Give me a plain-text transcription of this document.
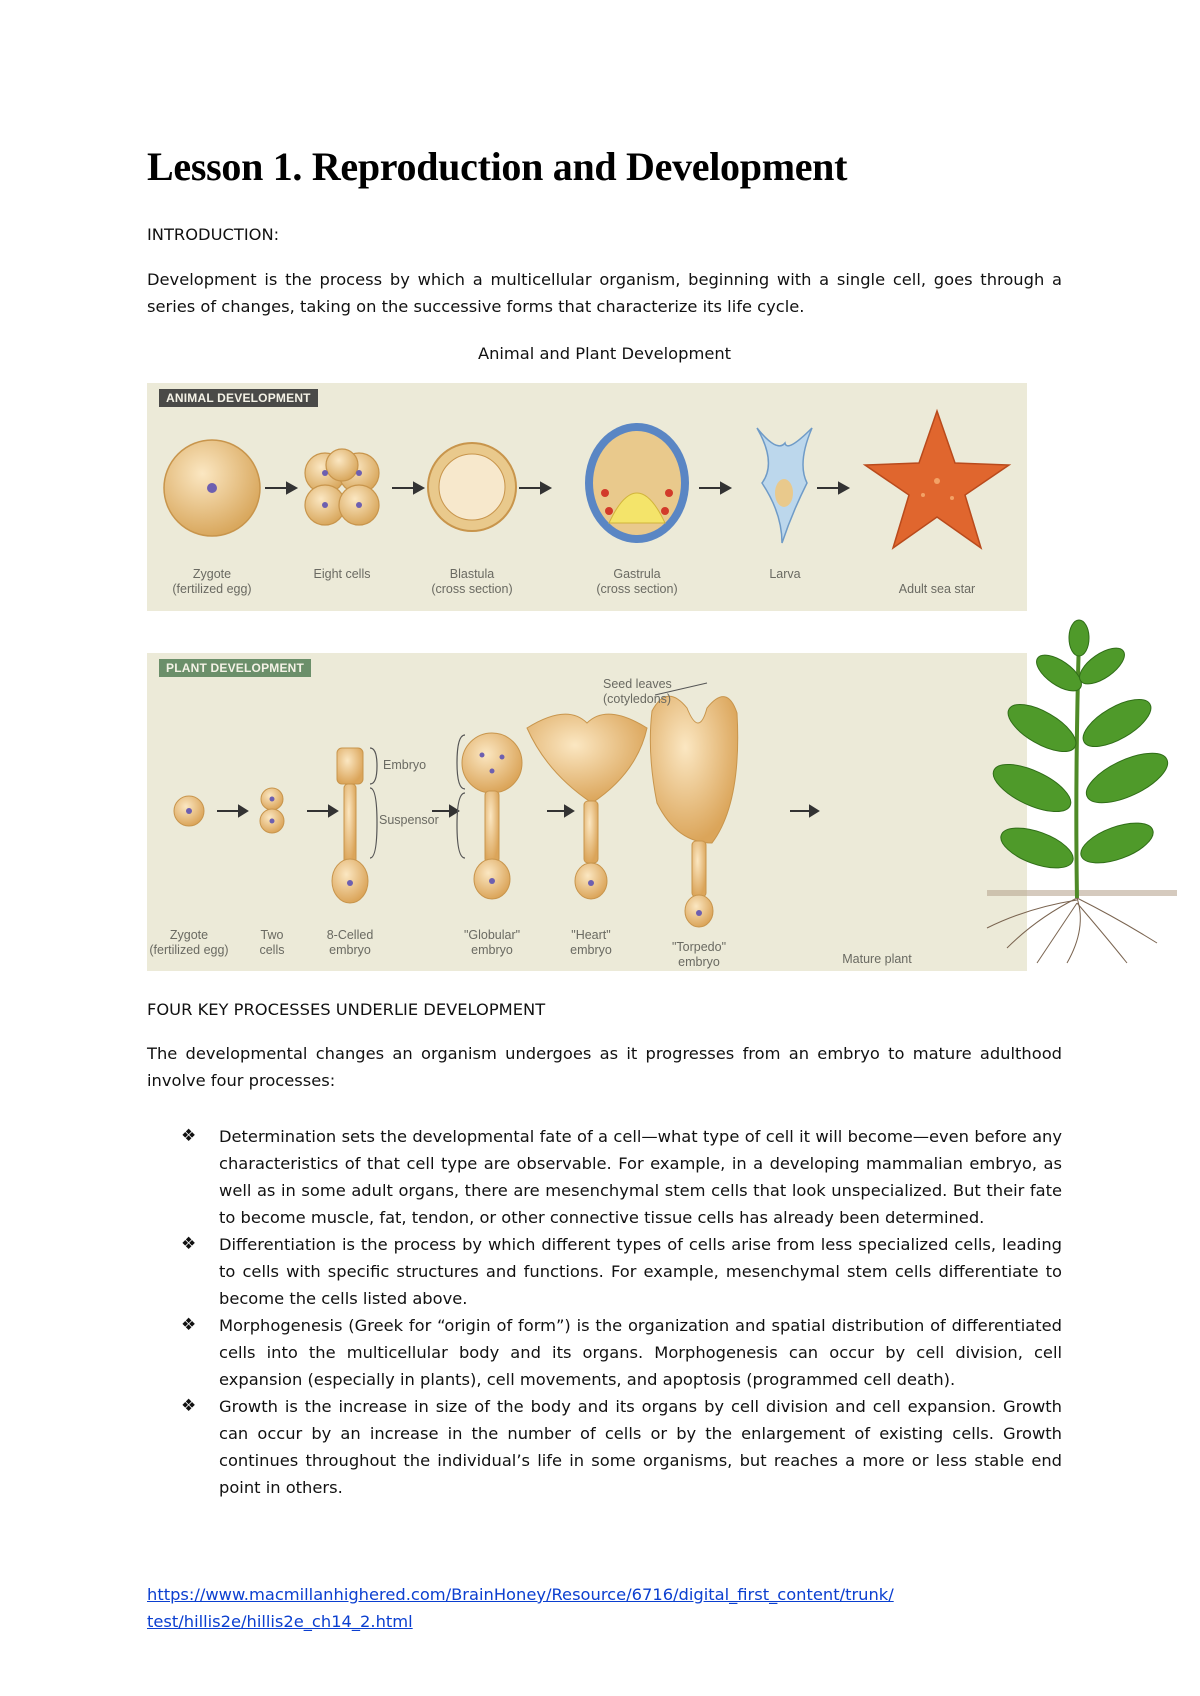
Lesson 1. Reproduction and Development
INTRODUCTION:
Development is the process by which a multicellular organism, beginning with a single cell, goes through a series of changes, taking on the successive forms that characterize its life cycle.
Animal and Plant Development
ANIMAL DEVELOPMENT
PLANT DEVELOPMENT
Seed leaves
(cotyledons)
Embryo
Suspensor
Zygote
(fertilized egg)
Eight cells	Blastula
(cross section)
Gastrula
(cross section)
Larva
Adult sea star
Zygote
(fertilized egg)
Two
cells
8-Celled
embryo
"Globular"
embryo
"Heart"
embryo	"Torpedo"
embryo	Mature plant
FOUR KEY PROCESSES UNDERLIE DEVELOPMENT
The developmental changes an organism undergoes as it progresses from an embryo to mature adulthood involve four processes:
❖ Determination sets the developmental fate of a cell—what type of cell it will become—even before any characteristics of that cell type are observable. For example, in a developing mammalian embryo, as well as in some adult organs, there are mesenchymal stem cells that look unspecialized. But their fate to become muscle, fat, tendon, or other connective tissue cells has already been determined.
❖ Differentiation is the process by which different types of cells arise from less specialized cells, leading to cells with specific structures and functions. For example, mesenchymal stem cells differentiate to become the cells listed above.
❖ Morphogenesis (Greek for “origin of form”) is the organization and spatial distribution of differentiated cells into the multicellular body and its organs. Morphogenesis can occur by cell division, cell expansion (especially in plants), cell movements, and apoptosis (programmed cell death).
❖ Growth is the increase in size of the body and its organs by cell division and cell expansion. Growth can occur by an increase in the number of cells or by the enlargement of existing cells. Growth continues throughout the individual’s life in some organisms, but reaches a more or less stable end point in others.
https://www.macmillanhighered.com/BrainHoney/Resource/6716/digital_first_content/trunk/
test/hillis2e/hillis2e_ch14_2.html
